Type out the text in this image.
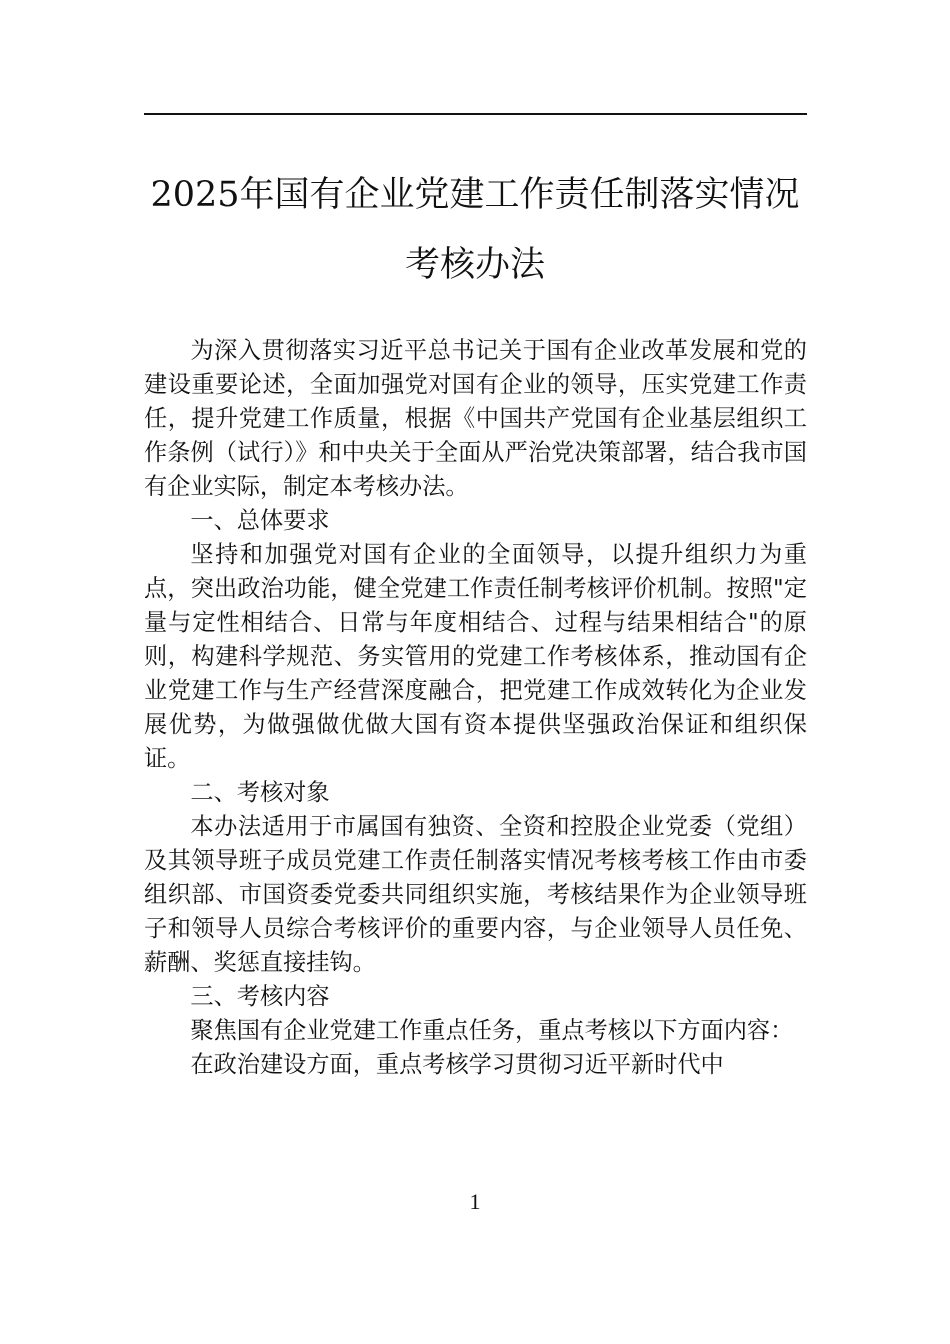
2025年国有企业党建工作责任制落实情况
考核办法

为深入贯彻落实习近平总书记关于国有企业改革发展和党的建设重要论述，全面加强党对国有企业的领导，压实党建工作责任，提升党建工作质量，根据《中国共产党国有企业基层组织工作条例（试行）》和中央关于全面从严治党决策部署，结合我市国有企业实际，制定本考核办法。

一、总体要求

坚持和加强党对国有企业的全面领导，以提升组织力为重点，突出政治功能，健全党建工作责任制考核评价机制。按照"定量与定性相结合、日常与年度相结合、过程与结果相结合"的原则，构建科学规范、务实管用的党建工作考核体系，推动国有企业党建工作与生产经营深度融合，把党建工作成效转化为企业发展优势，为做强做优做大国有资本提供坚强政治保证和组织保证。

二、考核对象

本办法适用于市属国有独资、全资和控股企业党委（党组）及其领导班子成员党建工作责任制落实情况考核考核工作由市委组织部、市国资委党委共同组织实施，考核结果作为企业领导班子和领导人员综合考核评价的重要内容，与企业领导人员任免、薪酬、奖惩直接挂钩。

三、考核内容

聚焦国有企业党建工作重点任务，重点考核以下方面内容：

在政治建设方面，重点考核学习贯彻习近平新时代中

1
